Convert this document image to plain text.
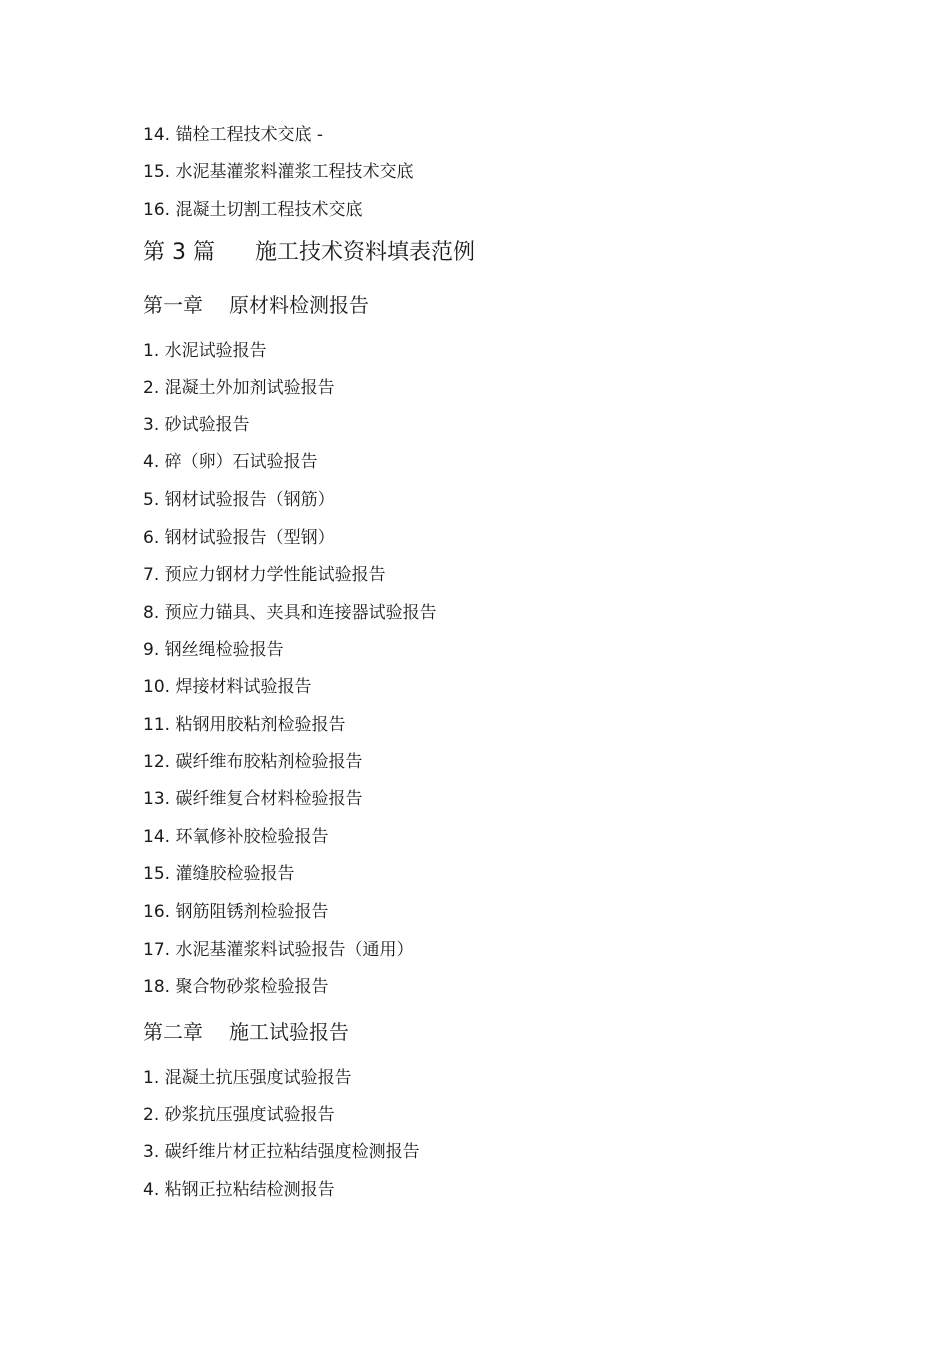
14. 锚栓工程技术交底 -
15. 水泥基灌浆料灌浆工程技术交底
16. 混凝土切割工程技术交底
第 3 篇 施工技术资料填表范例
第一章 原材料检测报告
1. 水泥试验报告
2. 混凝土外加剂试验报告
3. 砂试验报告
4. 碎（卵）石试验报告
5. 钢材试验报告（钢筋）
6. 钢材试验报告（型钢）
7. 预应力钢材力学性能试验报告
8. 预应力锚具、夹具和连接器试验报告
9. 钢丝绳检验报告
10. 焊接材料试验报告
11. 粘钢用胶粘剂检验报告
12. 碳纤维布胶粘剂检验报告
13. 碳纤维复合材料检验报告
14. 环氧修补胶检验报告
15. 灌缝胶检验报告
16. 钢筋阻锈剂检验报告
17. 水泥基灌浆料试验报告（通用）
18. 聚合物砂浆检验报告
第二章 施工试验报告
1. 混凝土抗压强度试验报告
2. 砂浆抗压强度试验报告
3. 碳纤维片材正拉粘结强度检测报告
4. 粘钢正拉粘结检测报告
